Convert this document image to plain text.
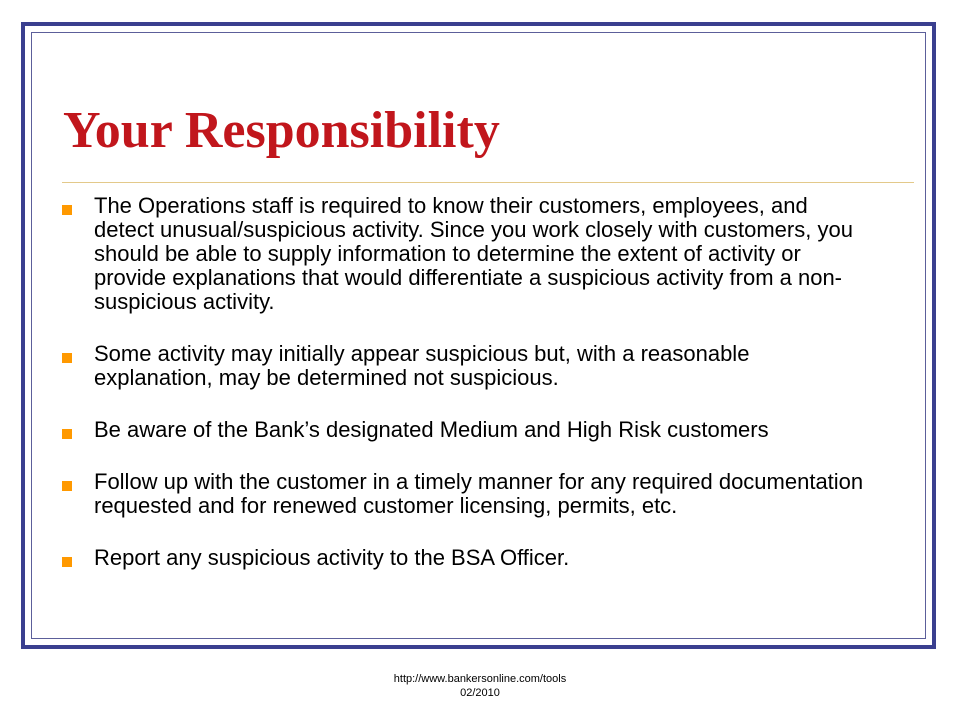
Your Responsibility
The Operations staff is required to know their customers, employees, and detect unusual/suspicious activity. Since you work closely with customers, you should be able to supply information to determine the extent of activity or provide explanations that would differentiate a suspicious activity from a non-suspicious activity.
Some activity may initially appear suspicious but, with a reasonable explanation, may be determined not suspicious.
Be aware of the Bank’s designated Medium and High Risk customers
Follow up with the customer in a timely manner for any required documentation requested and for renewed customer licensing, permits, etc.
Report any suspicious activity to the BSA Officer.
http://www.bankersonline.com/tools
02/2010
